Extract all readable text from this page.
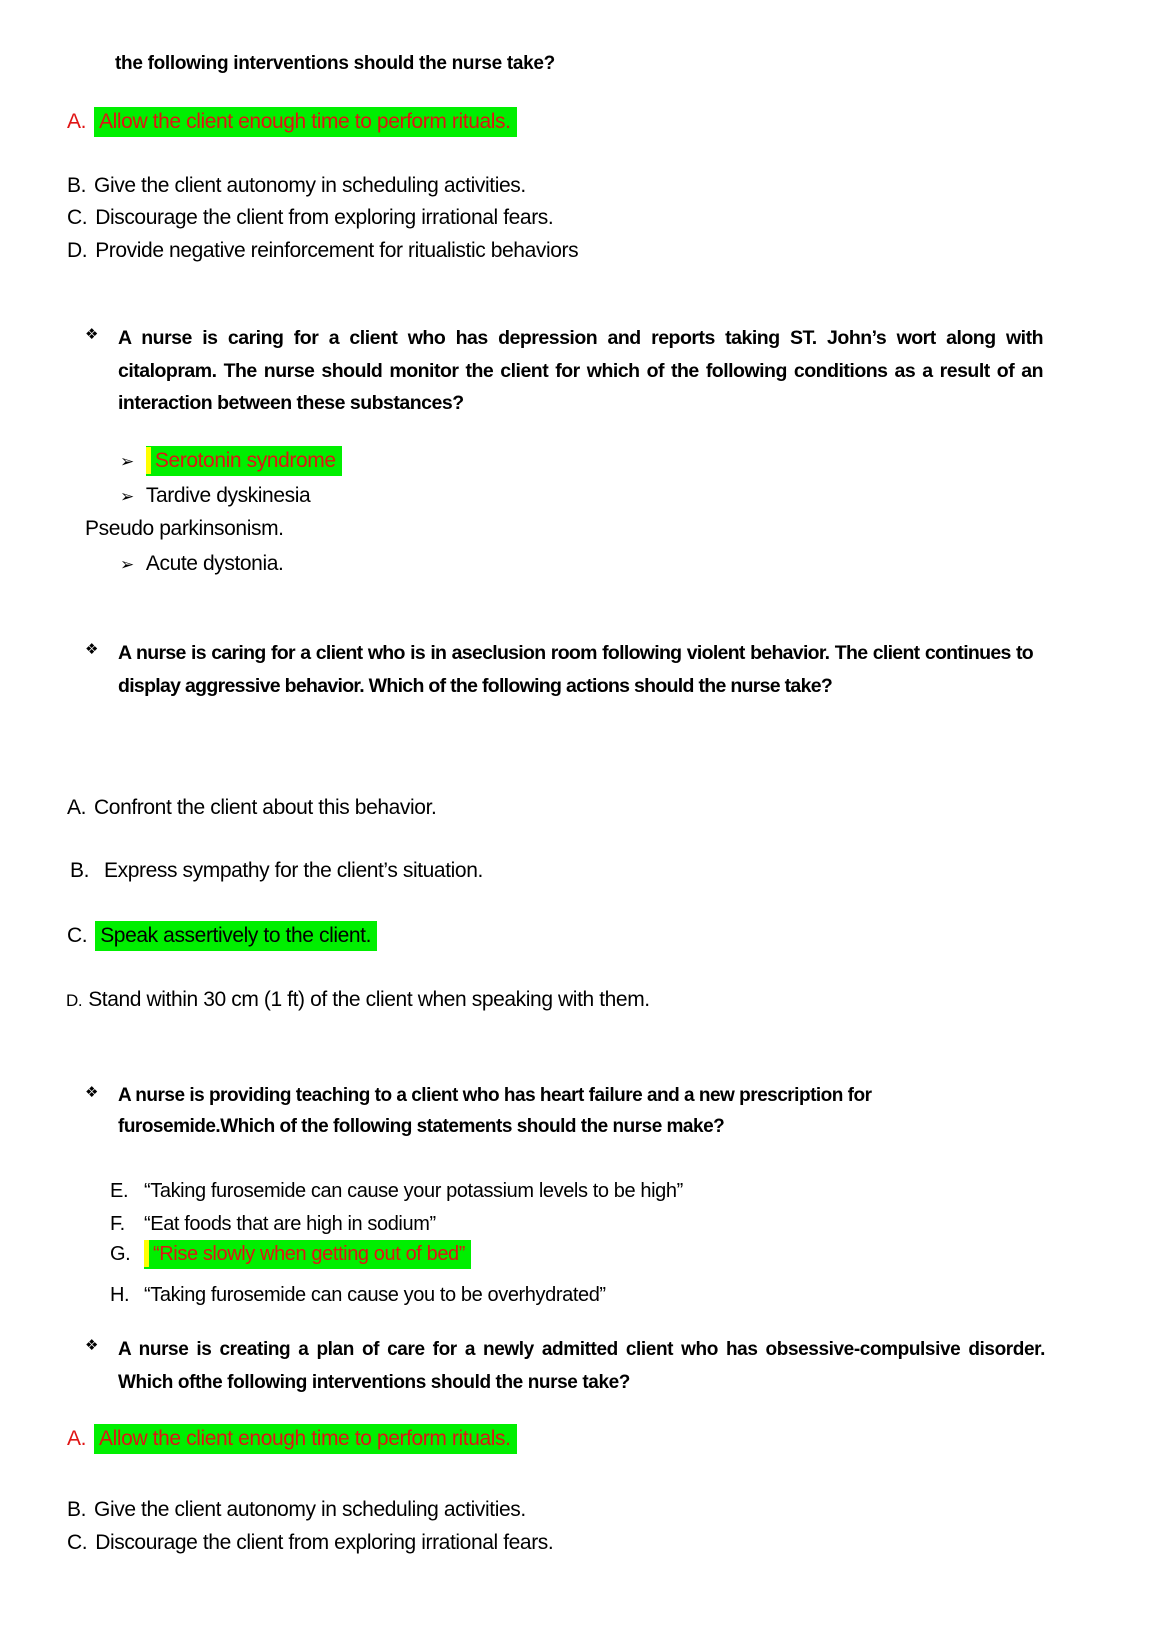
the following interventions should the nurse take?
A. Allow the client enough time to perform rituals.
B. Give the client autonomy in scheduling activities.
C. Discourage the client from exploring irrational fears.
D. Provide negative reinforcement for ritualistic behaviors
❖ A nurse is caring for a client who has depression and reports taking ST. John’s wort along with citalopram. The nurse should monitor the client for which of the following conditions as a result of an interaction between these substances?
➢ Serotonin syndrome
➢ Tardive dyskinesia
Pseudo parkinsonism.
➢ Acute dystonia.
❖ A nurse is caring for a client who is in aseclusion room following violent behavior. The client continues to display aggressive behavior. Which of the following actions should the nurse take?
A. Confront the client about this behavior.
B. Express sympathy for the client’s situation.
C. Speak assertively to the client.
D. Stand within 30 cm (1 ft) of the client when speaking with them.
❖ A nurse is providing teaching to a client who has heart failure and a new prescription for furosemide.Which of the following statements should the nurse make?
E. “Taking furosemide can cause your potassium levels to be high”
F. “Eat foods that are high in sodium”
G. “Rise slowly when getting out of bed”
H. “Taking furosemide can cause you to be overhydrated”
❖ A nurse is creating a plan of care for a newly admitted client who has obsessive-compulsive disorder. Which ofthe following interventions should the nurse take?
A. Allow the client enough time to perform rituals.
B. Give the client autonomy in scheduling activities.
C. Discourage the client from exploring irrational fears.
